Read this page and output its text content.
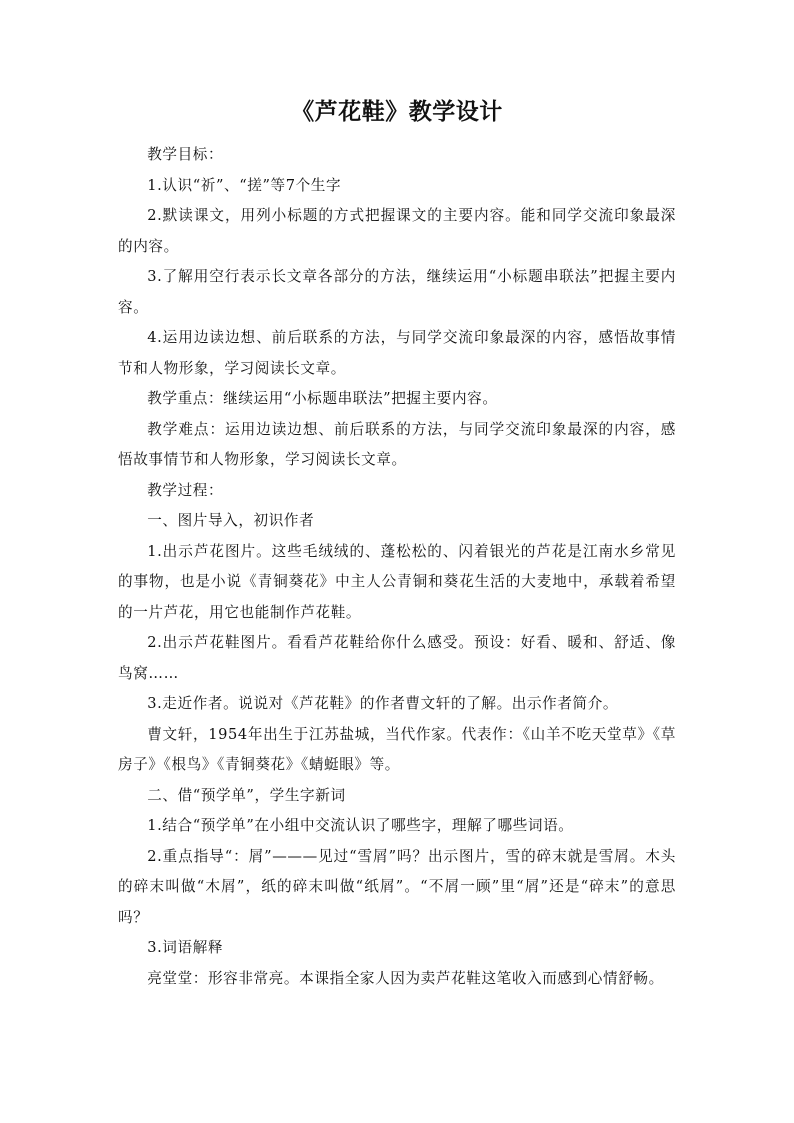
《芦花鞋》教学设计

教学目标：

1.认识“祈”、“搓”等7个生字

2.默读课文，用列小标题的方式把握课文的主要内容。能和同学交流印象最深的内容。

3.了解用空行表示长文章各部分的方法，继续运用“小标题串联法”把握主要内容。

4.运用边读边想、前后联系的方法，与同学交流印象最深的内容，感悟故事情节和人物形象，学习阅读长文章。

教学重点：继续运用“小标题串联法”把握主要内容。

教学难点：运用边读边想、前后联系的方法，与同学交流印象最深的内容，感悟故事情节和人物形象，学习阅读长文章。

教学过程：

一、图片导入，初识作者

1.出示芦花图片。这些毛绒绒的、蓬松松的、闪着银光的芦花是江南水乡常见的事物，也是小说《青铜葵花》中主人公青铜和葵花生活的大麦地中，承载着希望的一片芦花，用它也能制作芦花鞋。

2.出示芦花鞋图片。看看芦花鞋给你什么感受。预设：好看、暖和、舒适、像鸟窝……

3.走近作者。说说对《芦花鞋》的作者曹文轩的了解。出示作者简介。

曹文轩，1954年出生于江苏盐城，当代作家。代表作：《山羊不吃天堂草》《草房子》《根鸟》《青铜葵花》《蜻蜓眼》等。

二、借“预学单”，学生字新词

1.结合“预学单”在小组中交流认识了哪些字，理解了哪些词语。

2.重点指导“：屑”———见过“雪屑”吗？出示图片，雪的碎末就是雪屑。木头的碎末叫做“木屑”，纸的碎末叫做“纸屑”。“不屑一顾”里“屑”还是“碎末”的意思吗？

3.词语解释

亮堂堂：形容非常亮。本课指全家人因为卖芦花鞋这笔收入而感到心情舒畅。
